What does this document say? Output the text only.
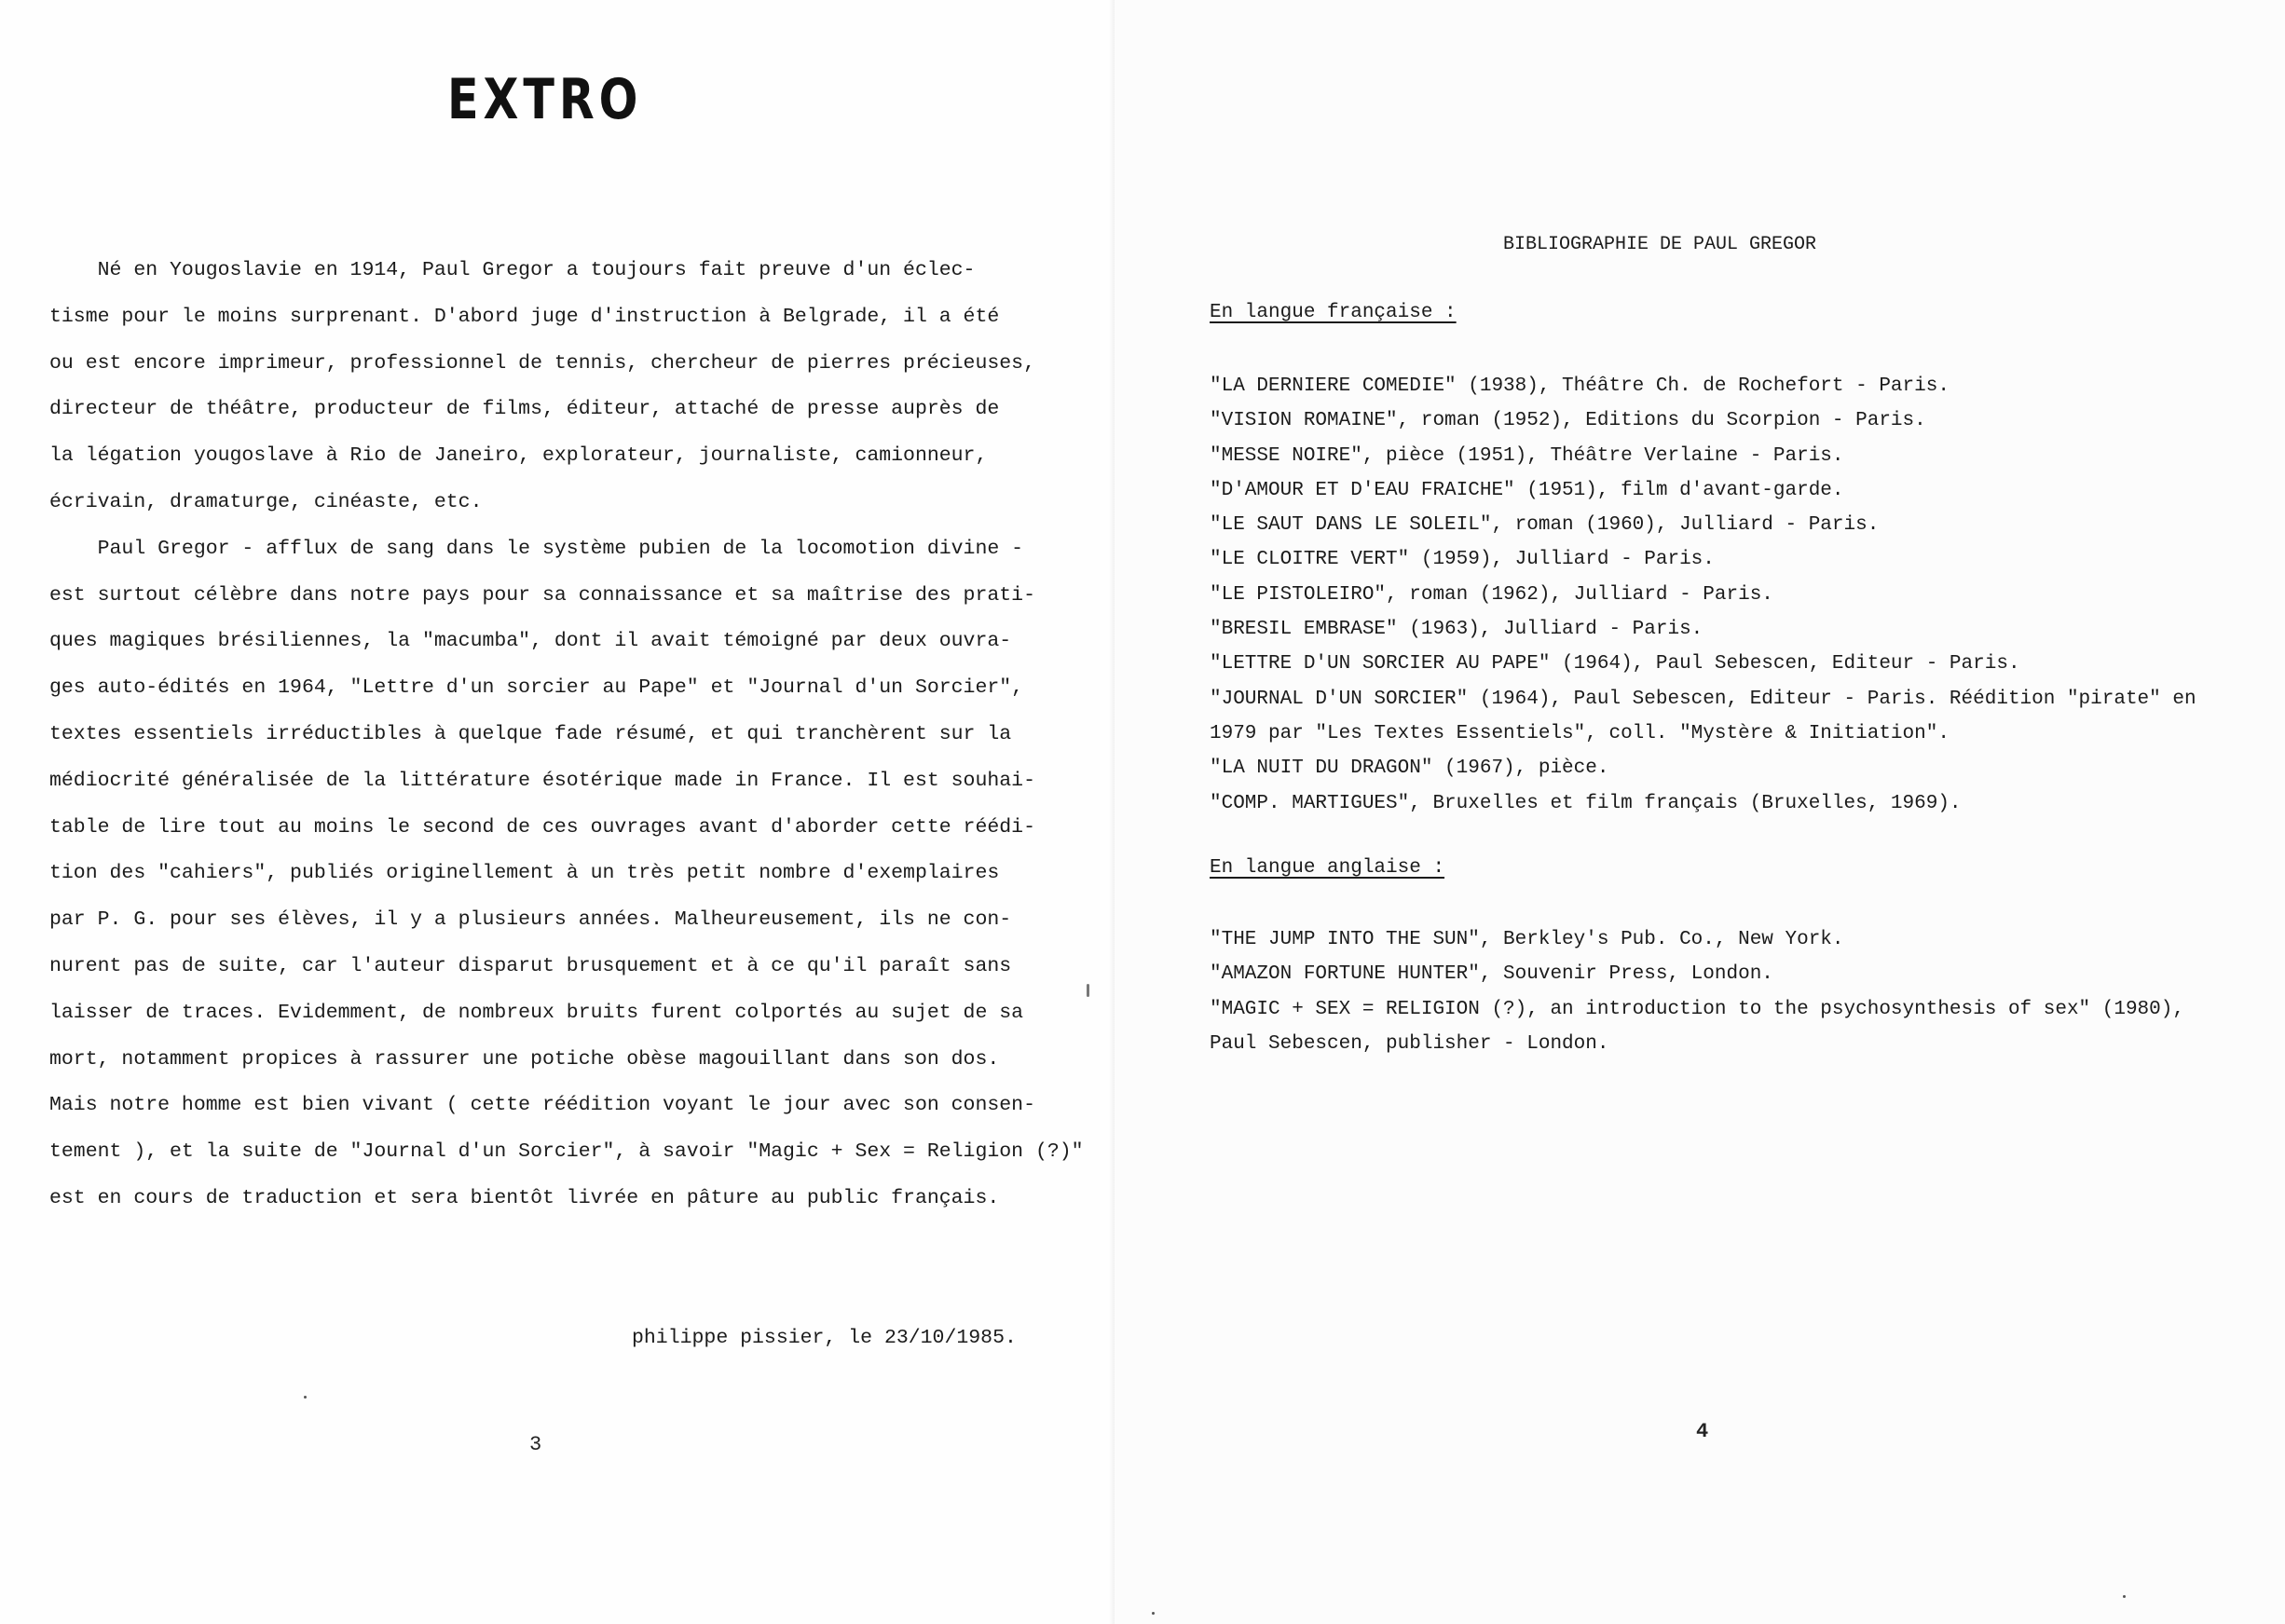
EXTRO
Né en Yougoslavie en 1914, Paul Gregor a toujours fait preuve d'un éclec-
tisme pour le moins surprenant. D'abord juge d'instruction à Belgrade, il a été
ou est encore imprimeur, professionnel de tennis, chercheur de pierres précieuses,
directeur de théâtre, producteur de films, éditeur, attaché de presse auprès de
la légation yougoslave à Rio de Janeiro, explorateur, journaliste, camionneur,
écrivain, dramaturge, cinéaste, etc.
Paul Gregor - afflux de sang dans le système pubien de la locomotion divine -
est surtout célèbre dans notre pays pour sa connaissance et sa maîtrise des prati-
ques magiques brésiliennes, la "macumba", dont il avait témoigné par deux ouvra-
ges auto-édités en 1964, "Lettre d'un sorcier au Pape" et "Journal d'un Sorcier",
textes essentiels irréductibles à quelque fade résumé, et qui tranchèrent sur la
médiocrité généralisée de la littérature ésotérique made in France. Il est souhai-
table de lire tout au moins le second de ces ouvrages avant d'aborder cette réédi-
tion des "cahiers", publiés originellement à un très petit nombre d'exemplaires
par P. G. pour ses élèves, il y a plusieurs années. Malheureusement, ils ne con-
nurent pas de suite, car l'auteur disparut brusquement et à ce qu'il paraît sans
laisser de traces. Evidemment, de nombreux bruits furent colportés au sujet de sa
mort, notamment propices à rassurer une potiche obèse magouillant dans son dos.
Mais notre homme est bien vivant ( cette réédition voyant le jour avec son consen-
tement ), et la suite de "Journal d'un Sorcier", à savoir "Magic + Sex = Religion (?)"
est en cours de traduction et sera bientôt livrée en pâture au public français.
philippe pissier, le 23/10/1985.
3
BIBLIOGRAPHIE DE PAUL GREGOR
En langue française :
"LA DERNIERE COMEDIE" (1938), Théâtre Ch. de Rochefort - Paris.
"VISION ROMAINE", roman (1952), Editions du Scorpion - Paris.
"MESSE NOIRE", pièce (1951), Théâtre Verlaine - Paris.
"D'AMOUR ET D'EAU FRAICHE" (1951), film d'avant-garde.
"LE SAUT DANS LE SOLEIL", roman (1960), Julliard - Paris.
"LE CLOITRE VERT" (1959), Julliard - Paris.
"LE PISTOLEIRO", roman (1962), Julliard - Paris.
"BRESIL EMBRASE" (1963), Julliard - Paris.
"LETTRE D'UN SORCIER AU PAPE" (1964), Paul Sebescen, Editeur - Paris.
"JOURNAL D'UN SORCIER" (1964), Paul Sebescen, Editeur - Paris. Réédition "pirate" en
1979 par "Les Textes Essentiels", coll. "Mystère & Initiation".
"LA NUIT DU DRAGON" (1967), pièce.
"COMP. MARTIGUES", Bruxelles et film français (Bruxelles, 1969).
En langue anglaise :
"THE JUMP INTO THE SUN", Berkley's Pub. Co., New York.
"AMAZON FORTUNE HUNTER", Souvenir Press, London.
"MAGIC + SEX = RELIGION (?), an introduction to the psychosynthesis of sex" (1980),
Paul Sebescen, publisher - London.
4
